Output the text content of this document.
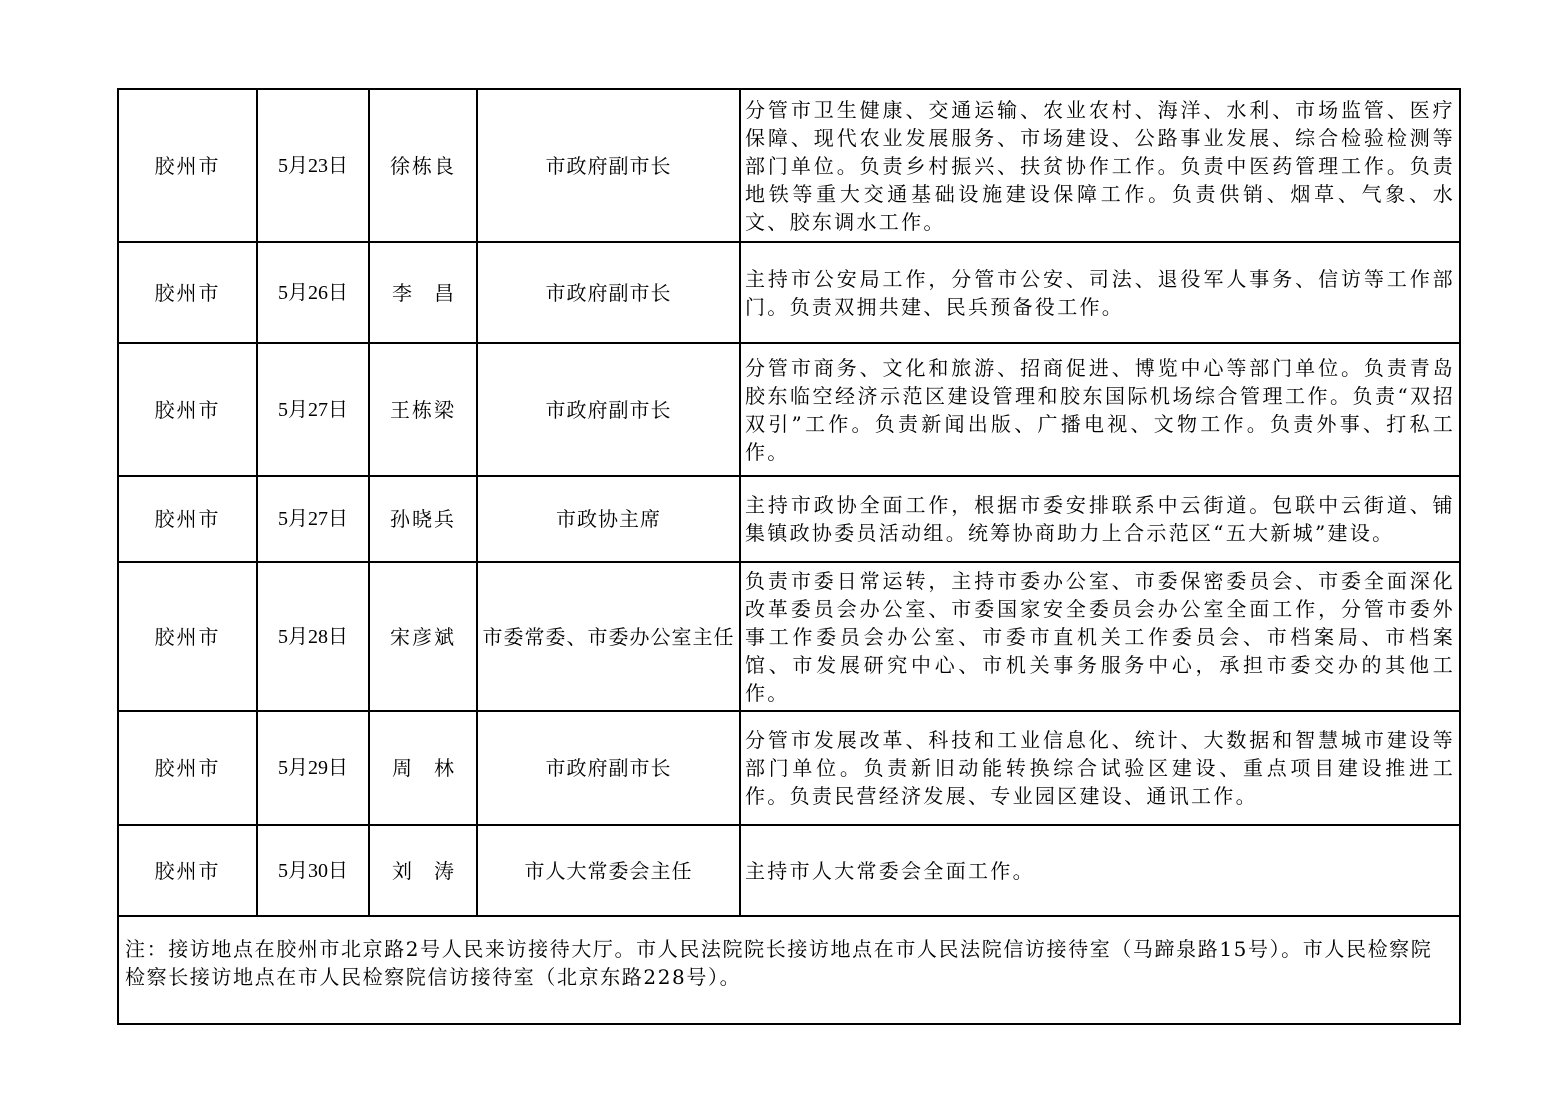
胶州市	5月23日	徐栋良	市政府副市长	分管市卫生健康、交通运输、农业农村、海洋、水利、市场监管、医疗保障、现代农业发展服务、市场建设、公路事业发展、综合检验检测等部门单位。负责乡村振兴、扶贫协作工作。负责中医药管理工作。负责地铁等重大交通基础设施建设保障工作。负责供销、烟草、气象、水文、胶东调水工作。
胶州市	5月26日	李昌	市政府副市长	主持市公安局工作，分管市公安、司法、退役军人事务、信访等工作部门。负责双拥共建、民兵预备役工作。
胶州市	5月27日	王栋梁	市政府副市长	分管市商务、文化和旅游、招商促进、博览中心等部门单位。负责青岛胶东临空经济示范区建设管理和胶东国际机场综合管理工作。负责“双招双引”工作。负责新闻出版、广播电视、文物工作。负责外事、打私工作。
胶州市	5月27日	孙晓兵	市政协主席	主持市政协全面工作，根据市委安排联系中云街道。包联中云街道、铺集镇政协委员活动组。统筹协商助力上合示范区“五大新城”建设。
胶州市	5月28日	宋彦斌	市委常委、市委办公室主任	负责市委日常运转，主持市委办公室、市委保密委员会、市委全面深化改革委员会办公室、市委国家安全委员会办公室全面工作，分管市委外事工作委员会办公室、市委市直机关工作委员会、市档案局、市档案馆、市发展研究中心、市机关事务服务中心，承担市委交办的其他工作。
胶州市	5月29日	周林	市政府副市长	分管市发展改革、科技和工业信息化、统计、大数据和智慧城市建设等部门单位。负责新旧动能转换综合试验区建设、重点项目建设推进工作。负责民营经济发展、专业园区建设、通讯工作。
胶州市	5月30日	刘涛	市人大常委会主任	主持市人大常委会全面工作。
注：接访地点在胶州市北京路2号人民来访接待大厅。市人民法院院长接访地点在市人民法院信访接待室（马蹄泉路15号）。市人民检察院检察长接访地点在市人民检察院信访接待室（北京东路228号）。				
